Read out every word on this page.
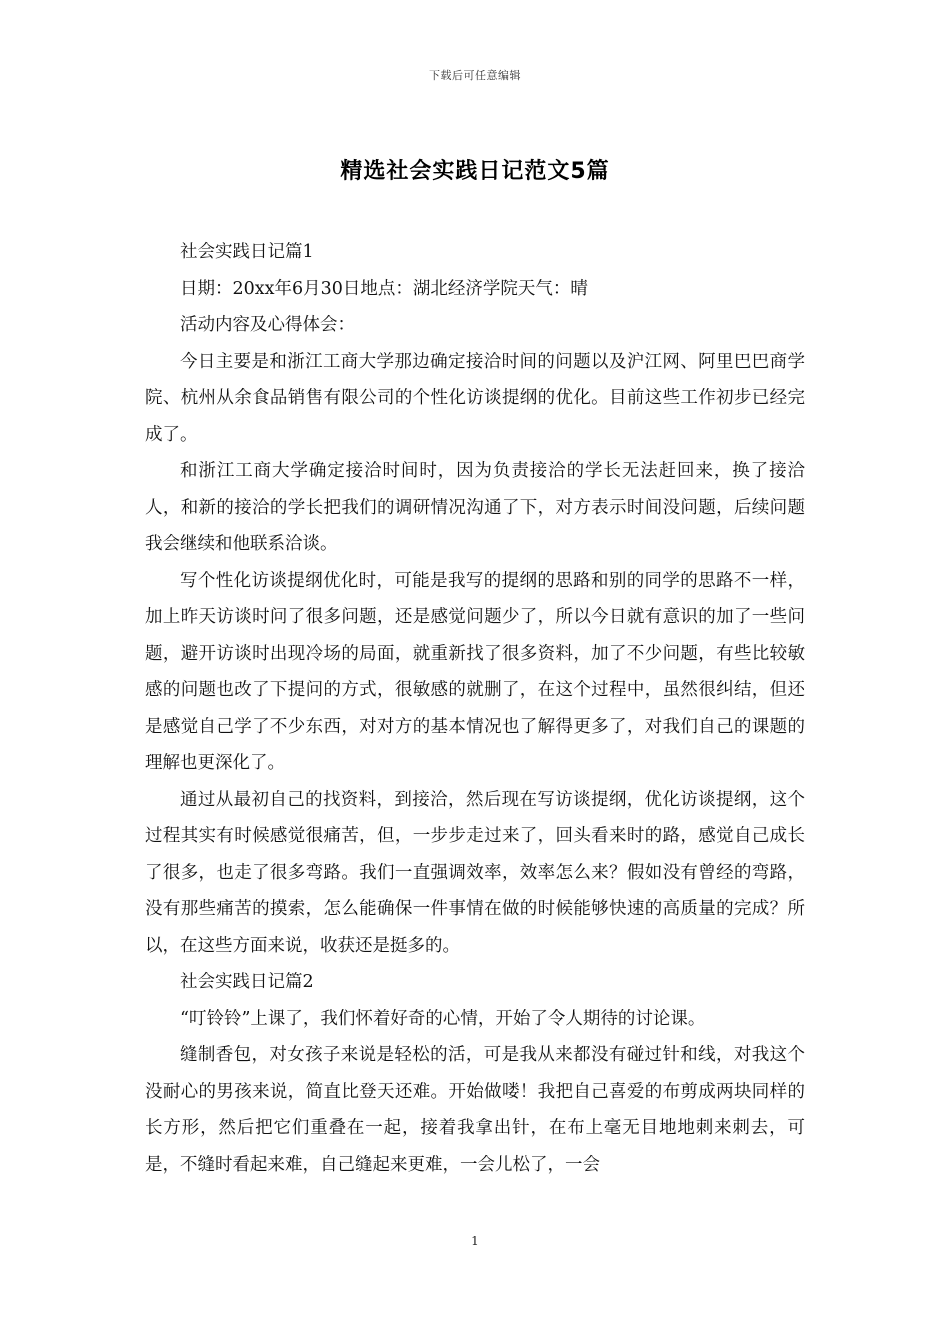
下载后可任意编辑
精选社会实践日记范文5篇

社会实践日记篇1

日期：20xx年6月30日地点：湖北经济学院天气：晴

活动内容及心得体会：

今日主要是和浙江工商大学那边确定接洽时间的问题以及沪江网、阿里巴巴商学院、杭州从余食品销售有限公司的个性化访谈提纲的优化。目前这些工作初步已经完成了。

和浙江工商大学确定接洽时间时，因为负责接洽的学长无法赶回来，换了接洽人，和新的接洽的学长把我们的调研情况沟通了下，对方表示时间没问题，后续问题我会继续和他联系洽谈。

写个性化访谈提纲优化时，可能是我写的提纲的思路和别的同学的思路不一样，加上昨天访谈时问了很多问题，还是感觉问题少了，所以今日就有意识的加了一些问题，避开访谈时出现冷场的局面，就重新找了很多资料，加了不少问题，有些比较敏感的问题也改了下提问的方式，很敏感的就删了，在这个过程中，虽然很纠结，但还是感觉自己学了不少东西，对对方的基本情况也了解得更多了，对我们自己的课题的理解也更深化了。

通过从最初自己的找资料，到接洽，然后现在写访谈提纲，优化访谈提纲，这个过程其实有时候感觉很痛苦，但，一步步走过来了，回头看来时的路，感觉自己成长了很多，也走了很多弯路。我们一直强调效率，效率怎么来？假如没有曾经的弯路，没有那些痛苦的摸索，怎么能确保一件事情在做的时候能够快速的高质量的完成？所以，在这些方面来说，收获还是挺多的。

社会实践日记篇2

“叮铃铃”上课了，我们怀着好奇的心情，开始了令人期待的讨论课。

缝制香包，对女孩子来说是轻松的活，可是我从来都没有碰过针和线，对我这个没耐心的男孩来说，简直比登天还难。开始做喽！我把自己喜爱的布剪成两块同样的长方形，然后把它们重叠在一起，接着我拿出针，在布上毫无目地地刺来刺去，可是，不缝时看起来难，自己缝起来更难，一会儿松了，一会

1
